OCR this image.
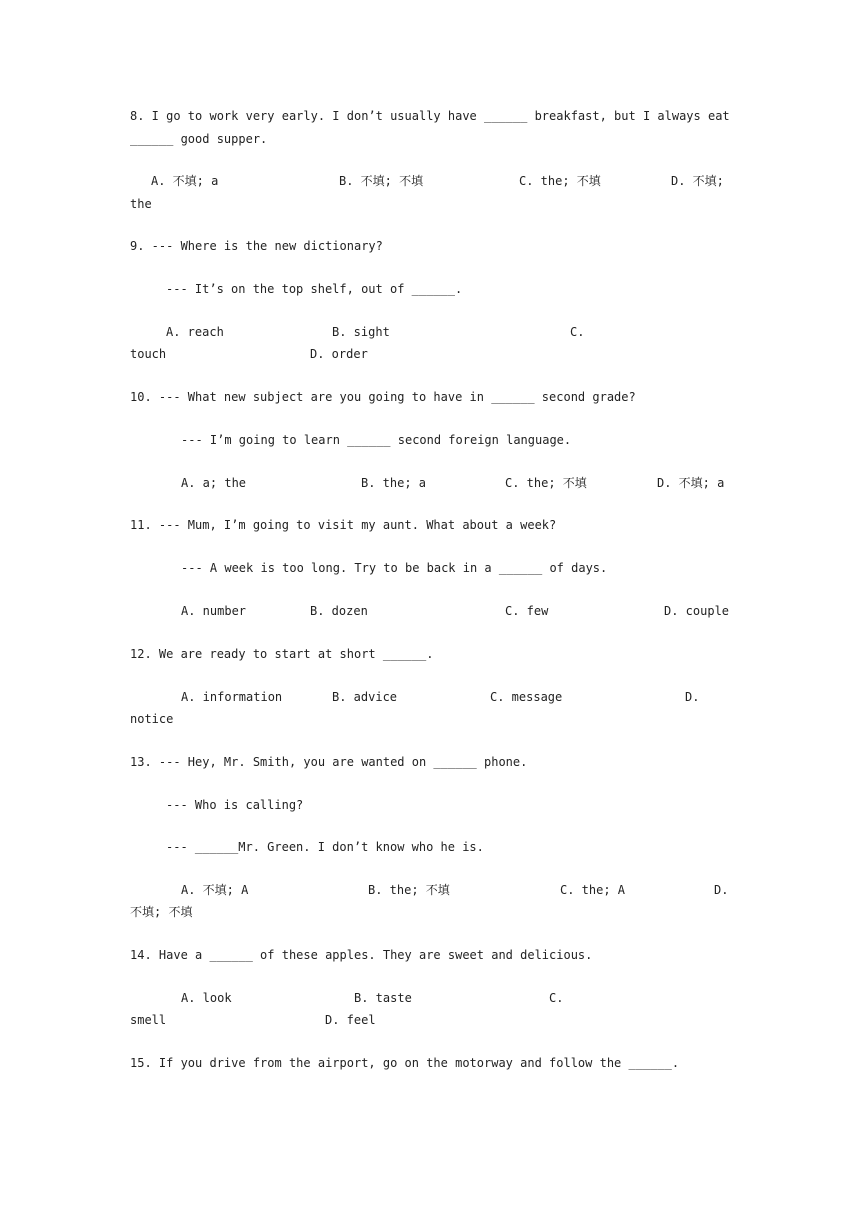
8. I go to work very early. I don’t usually have ______ breakfast, but I always eat
______ good supper.
A. 不填; a	B. 不填; 不填	C. the; 不填	D. 不填;
the
9. --- Where is the new dictionary?
--- It’s on the top shelf, out of ______.
A. reach	B. sight	C.
touch	D. order
10. --- What new subject are you going to have in ______ second grade?
--- I’m going to learn ______ second foreign language.
A. a; the	B. the; a	C. the; 不填	D. 不填; a
11. --- Mum, I’m going to visit my aunt. What about a week?
--- A week is too long. Try to be back in a ______ of days.
A. number	B. dozen	C. few	D. couple
12. We are ready to start at short ______.
A. information	B. advice	C. message	D.
notice
13. --- Hey, Mr. Smith, you are wanted on ______ phone.
--- Who is calling?
--- ______Mr. Green. I don’t know who he is.
A. 不填; A	B. the; 不填	C. the; A	D.
不填; 不填
14. Have a ______ of these apples. They are sweet and delicious.
A. look	B. taste	C.
smell	D. feel
15. If you drive from the airport, go on the motorway and follow the ______.
